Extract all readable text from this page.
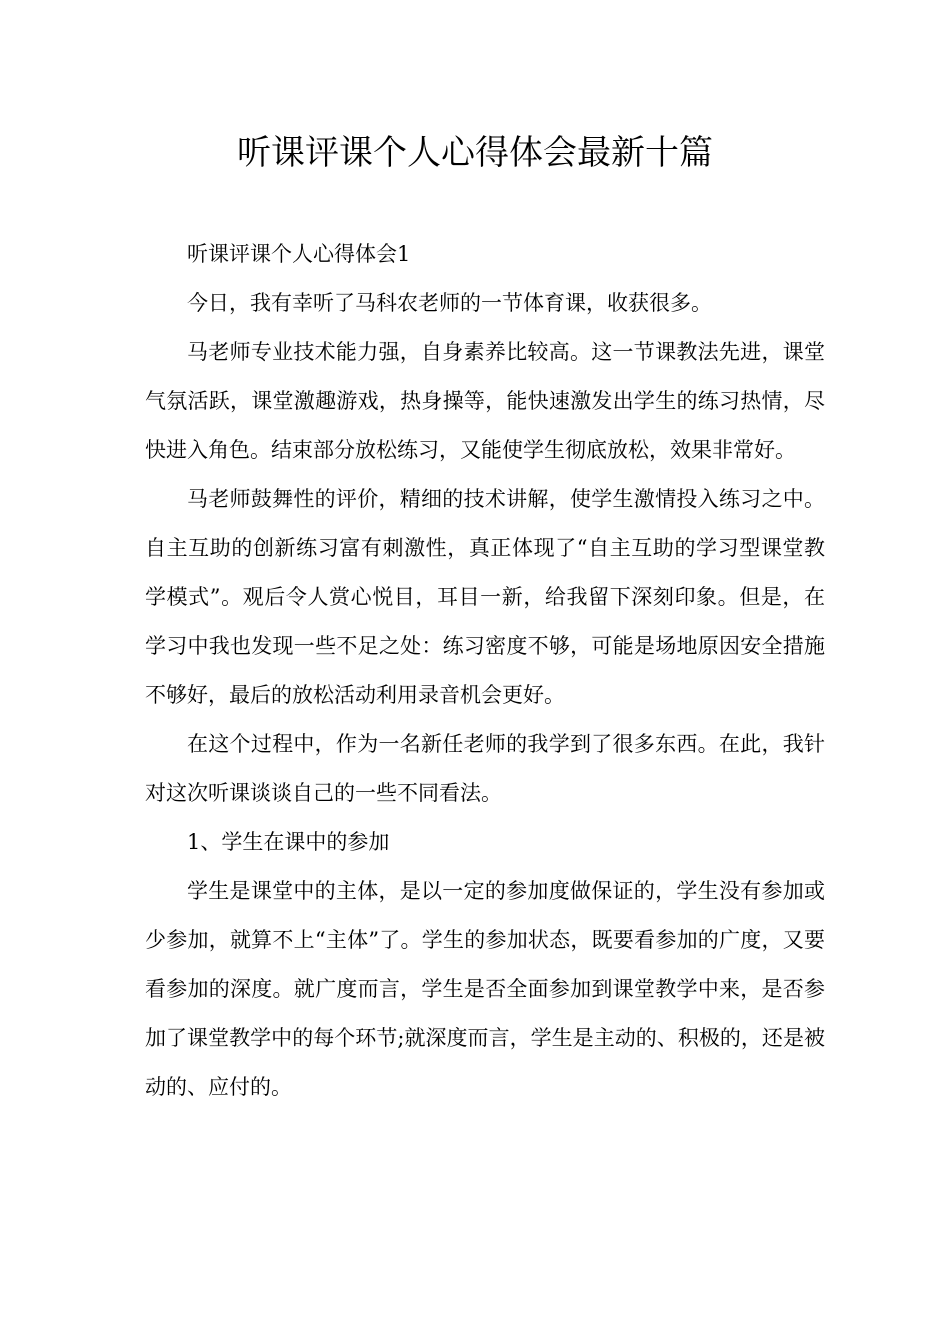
听课评课个人心得体会最新十篇

听课评课个人心得体会1

今日，我有幸听了马科农老师的一节体育课，收获很多。

马老师专业技术能力强，自身素养比较高。这一节课教法先进，课堂气氛活跃，课堂激趣游戏，热身操等，能快速激发出学生的练习热情，尽快进入角色。结束部分放松练习，又能使学生彻底放松，效果非常好。

马老师鼓舞性的评价，精细的技术讲解，使学生激情投入练习之中。自主互助的创新练习富有刺激性，真正体现了“自主互助的学习型课堂教学模式”。观后令人赏心悦目，耳目一新，给我留下深刻印象。但是，在学习中我也发现一些不足之处：练习密度不够，可能是场地原因安全措施不够好，最后的放松活动利用录音机会更好。

在这个过程中，作为一名新任老师的我学到了很多东西。在此，我针对这次听课谈谈自己的一些不同看法。

1、学生在课中的参加

学生是课堂中的主体，是以一定的参加度做保证的，学生没有参加或少参加，就算不上“主体”了。学生的参加状态，既要看参加的广度，又要看参加的深度。就广度而言，学生是否全面参加到课堂教学中来，是否参加了课堂教学中的每个环节;就深度而言，学生是主动的、积极的，还是被动的、应付的。
